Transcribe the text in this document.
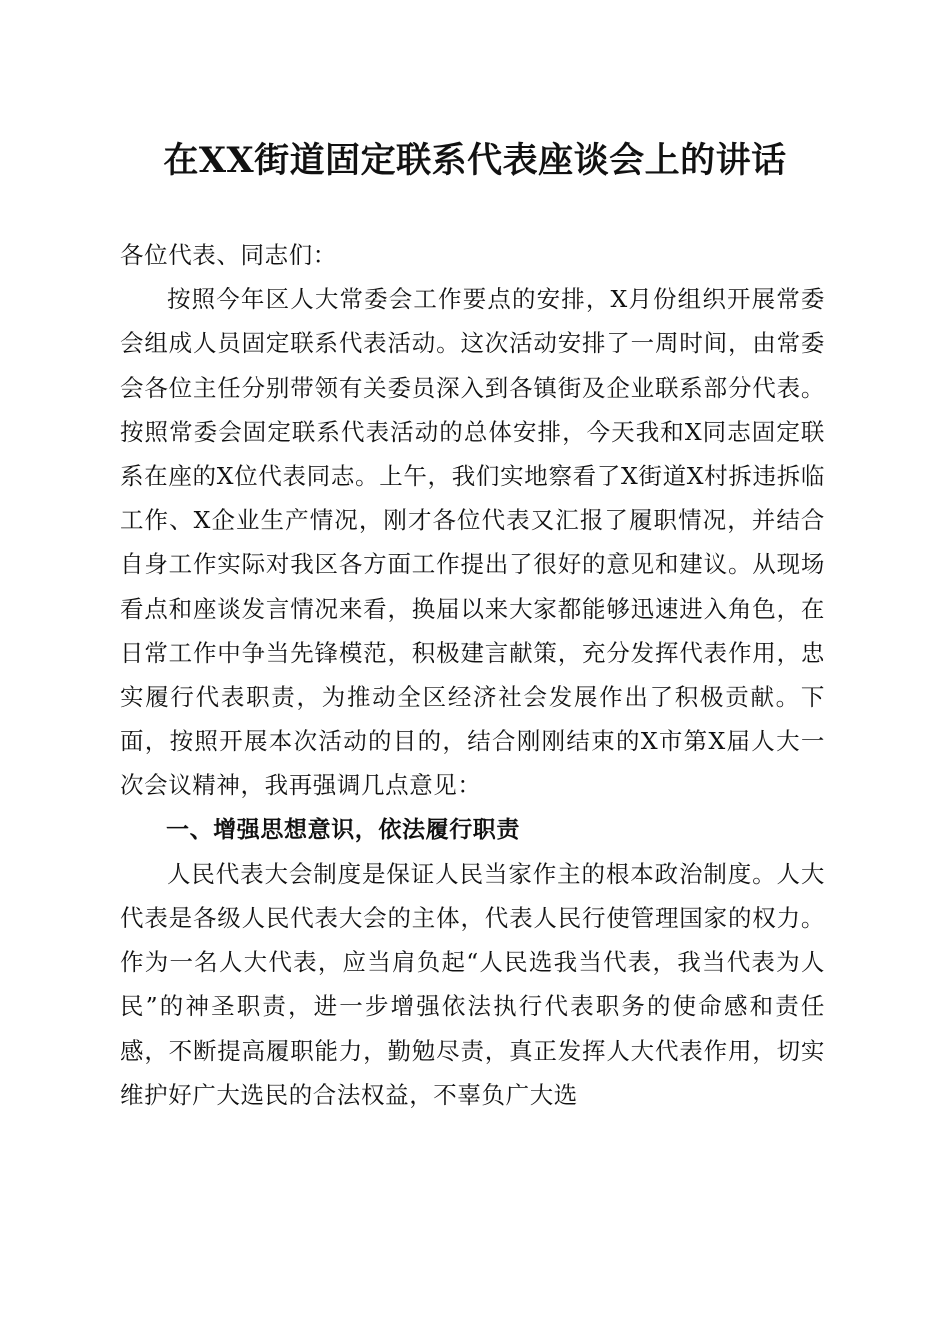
在XX街道固定联系代表座谈会上的讲话

各位代表、同志们：

按照今年区人大常委会工作要点的安排，X月份组织开展常委会组成人员固定联系代表活动。这次活动安排了一周时间，由常委会各位主任分别带领有关委员深入到各镇街及企业联系部分代表。按照常委会固定联系代表活动的总体安排，今天我和X同志固定联系在座的X位代表同志。上午，我们实地察看了X街道X村拆违拆临工作、X企业生产情况，刚才各位代表又汇报了履职情况，并结合自身工作实际对我区各方面工作提出了很好的意见和建议。从现场看点和座谈发言情况来看，换届以来大家都能够迅速进入角色，在日常工作中争当先锋模范，积极建言献策，充分发挥代表作用，忠实履行代表职责，为推动全区经济社会发展作出了积极贡献。下面，按照开展本次活动的目的，结合刚刚结束的X市第X届人大一次会议精神，我再强调几点意见：

一、增强思想意识，依法履行职责

人民代表大会制度是保证人民当家作主的根本政治制度。人大代表是各级人民代表大会的主体，代表人民行使管理国家的权力。作为一名人大代表，应当肩负起“人民选我当代表，我当代表为人民”的神圣职责，进一步增强依法执行代表职务的使命感和责任感，不断提高履职能力，勤勉尽责，真正发挥人大代表作用，切实维护好广大选民的合法权益，不辜负广大选
